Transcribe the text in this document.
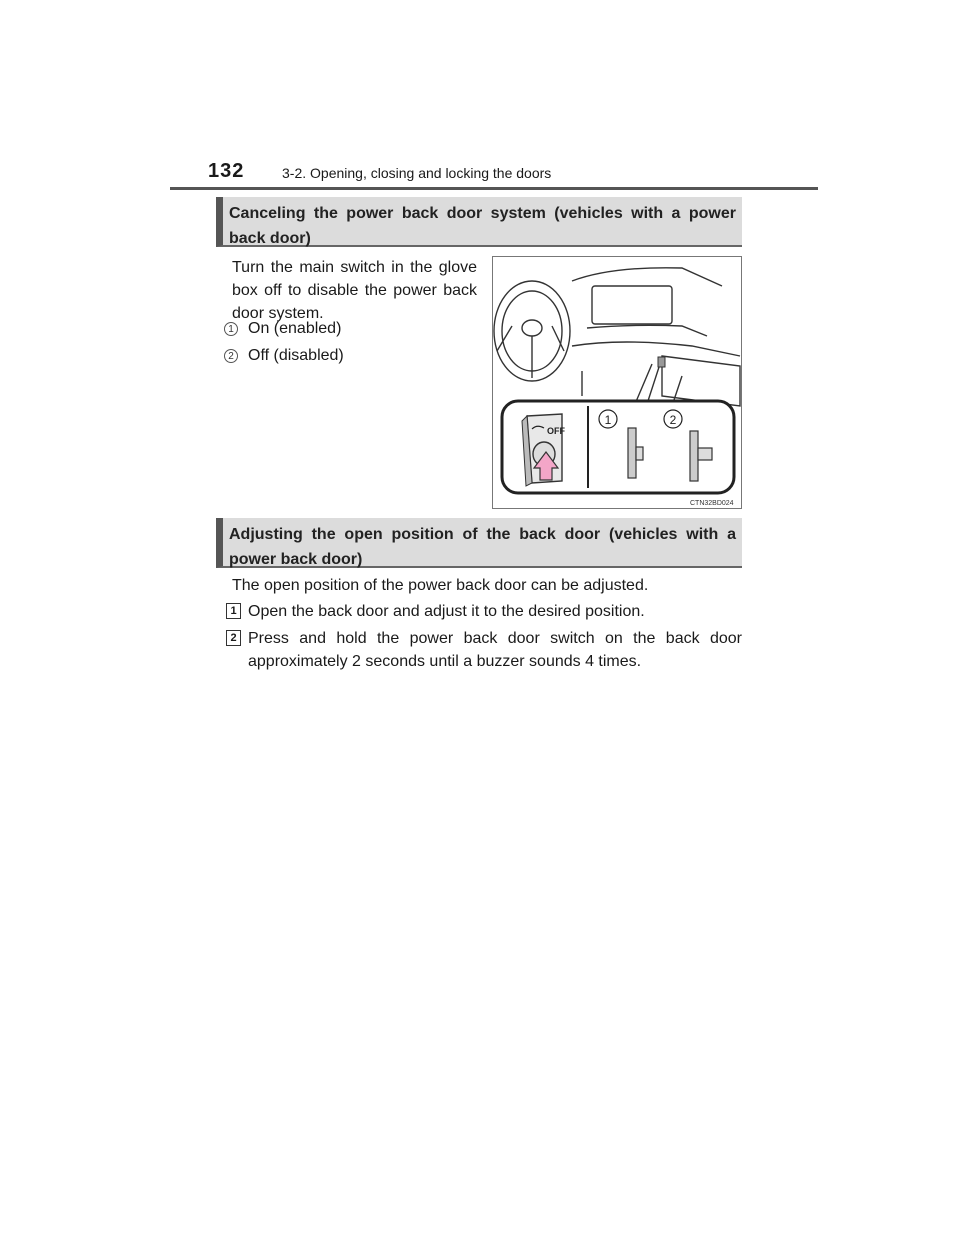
132	3-2. Opening, closing and locking the doors
Canceling the power back door system (vehicles with a power back door)
Turn the main switch in the glove box off to disable the power back door system.
1 On (enabled)
2 Off (disabled)
OFF
1	2
CTN32BD024
Adjusting the open position of the back door (vehicles with a power back door)
The open position of the power back door can be adjusted.
1 Open the back door and adjust it to the desired position.
2 Press and hold the power back door switch on the back door approximately 2 seconds until a buzzer sounds 4 times.
